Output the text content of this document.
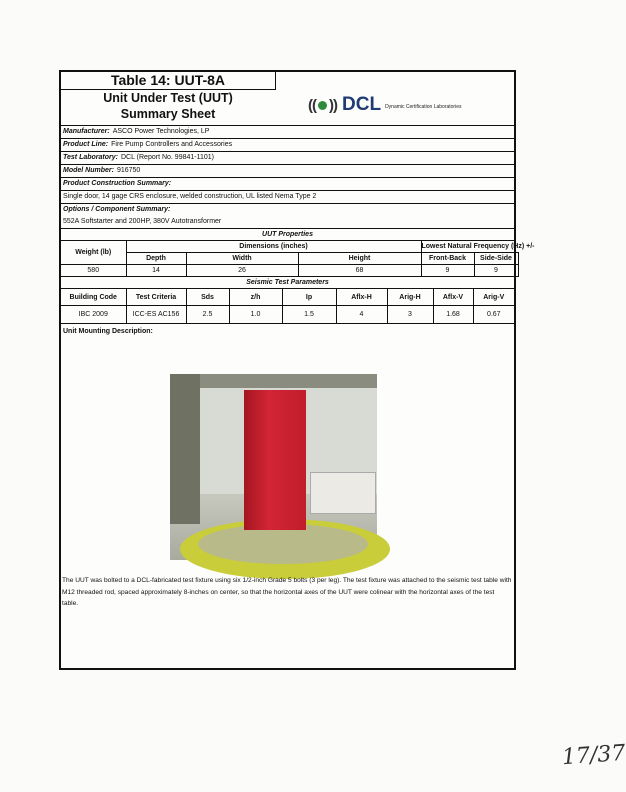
Table 14: UUT-8A
Unit Under Test (UUT)
Summary Sheet
(( )) DCL Dynamic Certification Laboratories
Manufacturer: ASCO Power Technologies, LP
Product Line: Fire Pump Controllers and Accessories
Test Laboratory: DCL (Report No. 99841-1101)
Model Number: 916750
Product Construction Summary:
Single door, 14 gage CRS enclosure, welded construction, UL listed Nema Type 2
Options / Component Summary:
552A Softstarter and 200HP, 380V Autotransformer
UUT Properties
Weight (lb)	Dimensions (inches)			Lowest Natural Frequency (Hz) +/-		
	Depth	Width	Height	Front-Back	Side-Side	
580	14	26	68	9	9	
Seismic Test Parameters
Building Code	Test Criteria	Sds	z/h	Ip	Aflx-H	Arig-H	Aflx-V	Arig-V
IBC 2009	ICC-ES AC156	2.5	1.0	1.5	4	3	1.68	0.67
Unit Mounting Description:
The UUT was bolted to a DCL-fabricated test fixture using six 1/2-inch Grade 5 bolts (3 per leg). The test fixture was attached to the seismic test table with M12 threaded rod, spaced approximately 8-inches on center, so that the horizontal axes of the UUT were colinear with the horizontal axes of the test table.
17/37
